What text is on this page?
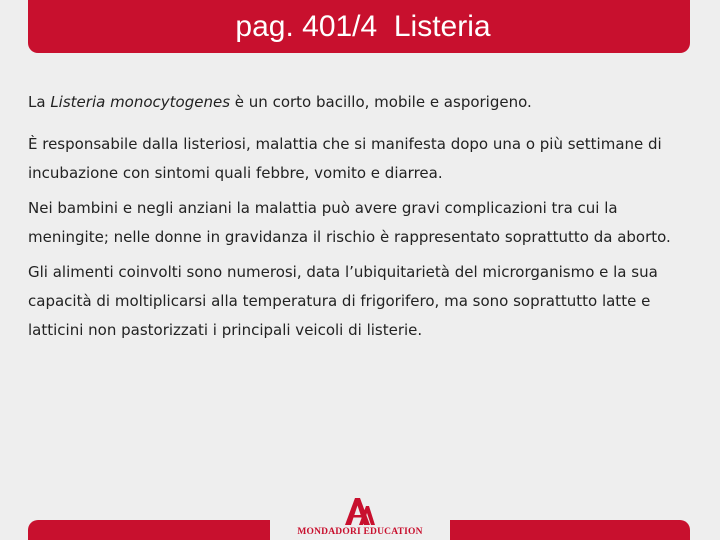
pag. 401/4  Listeria

La Listeria monocytogenes è un corto bacillo, mobile e asporigeno.

È responsabile dalla listeriosi, malattia che si manifesta dopo una o più settimane di incubazione con sintomi quali febbre, vomito e diarrea.

Nei bambini e negli anziani la malattia può avere gravi complicazioni tra cui la meningite; nelle donne in gravidanza il rischio è rappresentato soprattutto da aborto.

Gli alimenti coinvolti sono numerosi, data l’ubiquitarietà del microrganismo e la sua capacità di moltiplicarsi alla temperatura di frigorifero, ma sono soprattutto latte e latticini non pastorizzati i principali veicoli di listerie.

MONDADORI EDUCATION
